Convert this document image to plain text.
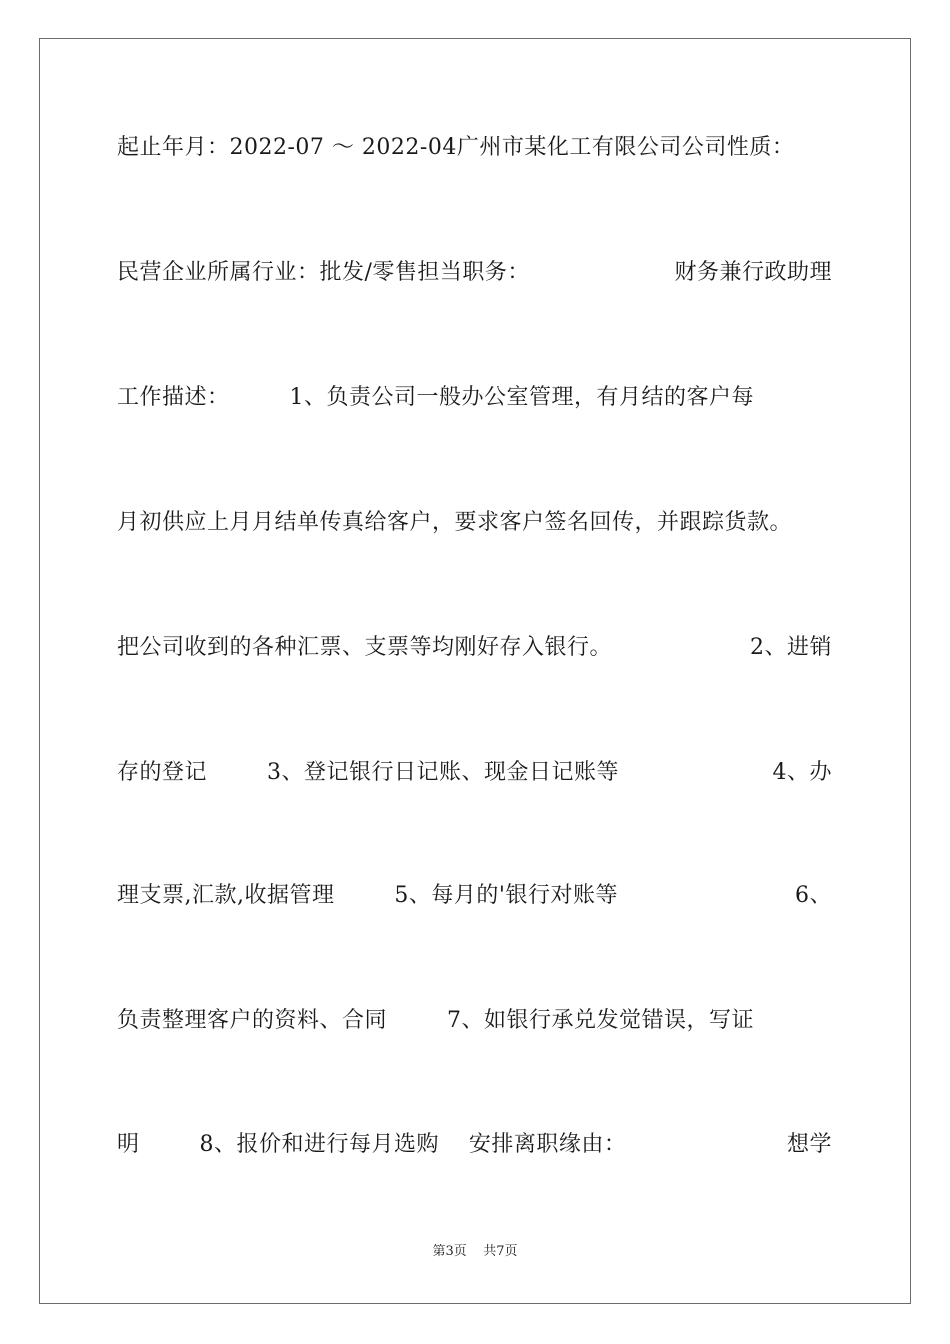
起止年月：2022-07 ～ 2022-04广州市某化工有限公司公司性质：
民营企业所属行业：批发/零售担当职务：	财务兼行政助理
工作描述：        1、负责公司一般办公室管理，有月结的客户每
月初供应上月月结单传真给客户，要求客户签名回传，并跟踪货款。
把公司收到的各种汇票、支票等均刚好存入银行。	2、进销
存的登记        3、登记银行日记账、现金日记账等	4、办
理支票,汇款,收据管理        5、每月的'银行对账等	6、
负责整理客户的资料、合同        7、如银行承兑发觉错误，写证
明        8、报价和进行每月选购    安排离职缘由：	想学
第3页    共7页
